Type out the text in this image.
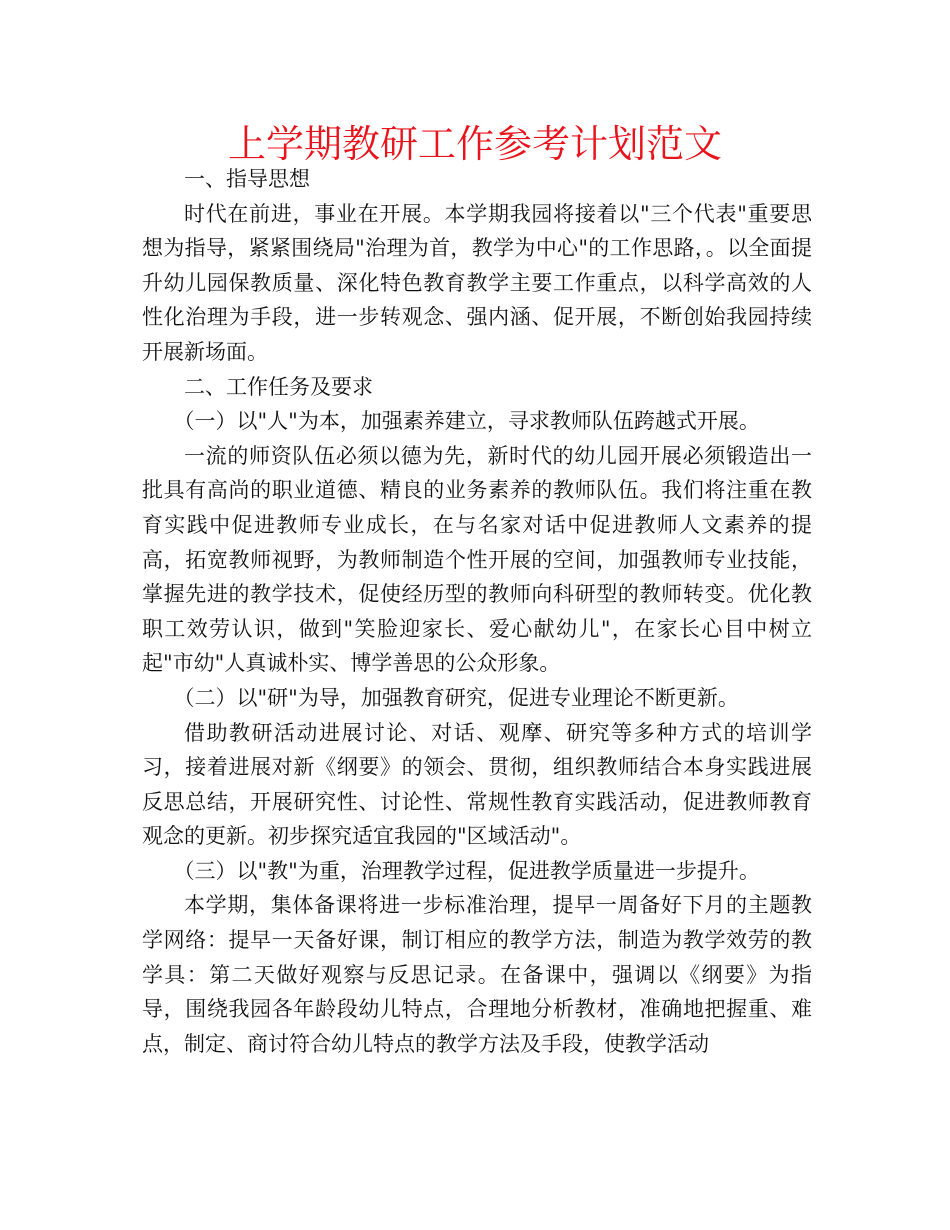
上学期教研工作参考计划范文

一、指导思想

时代在前进，事业在开展。本学期我园将接着以"三个代表"重要思想为指导，紧紧围绕局"治理为首，教学为中心"的工作思路，。以全面提升幼儿园保教质量、深化特色教育教学主要工作重点，以科学高效的人性化治理为手段，进一步转观念、强内涵、促开展，不断创始我园持续开展新场面。

二、工作任务及要求

（一）以"人"为本，加强素养建立，寻求教师队伍跨越式开展。

一流的师资队伍必须以德为先，新时代的幼儿园开展必须锻造出一批具有高尚的职业道德、精良的业务素养的教师队伍。我们将注重在教育实践中促进教师专业成长，在与名家对话中促进教师人文素养的提高，拓宽教师视野，为教师制造个性开展的空间，加强教师专业技能，掌握先进的教学技术，促使经历型的教师向科研型的教师转变。优化教职工效劳认识，做到"笑脸迎家长、爱心献幼儿"，在家长心目中树立起"市幼"人真诚朴实、博学善思的公众形象。

（二）以"研"为导，加强教育研究，促进专业理论不断更新。

借助教研活动进展讨论、对话、观摩、研究等多种方式的培训学习，接着进展对新《纲要》的领会、贯彻，组织教师结合本身实践进展反思总结，开展研究性、讨论性、常规性教育实践活动，促进教师教育观念的更新。初步探究适宜我园的"区域活动"。

（三）以"教"为重，治理教学过程，促进教学质量进一步提升。

本学期，集体备课将进一步标准治理，提早一周备好下月的主题教学网络：提早一天备好课，制订相应的教学方法，制造为教学效劳的教学具：第二天做好观察与反思记录。在备课中，强调以《纲要》为指导，围绕我园各年龄段幼儿特点，合理地分析教材，准确地把握重、难点，制定、商讨符合幼儿特点的教学方法及手段，使教学活动
